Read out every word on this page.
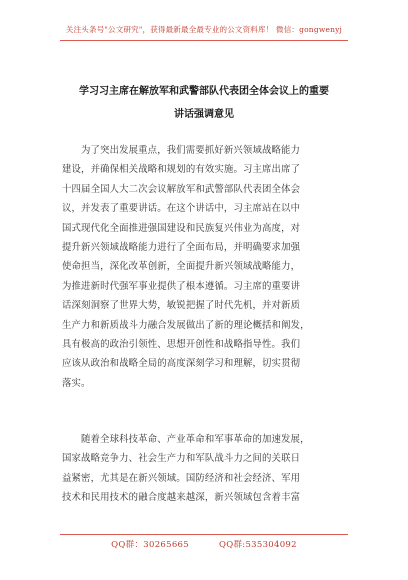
关注头条号"公文研究"，获得最新最全最专业的公文资料库！ 微信：gongwenyj
学习习主席在解放军和武警部队代表团全体会议上的重要
讲话强调意见
为了突出发展重点，我们需要抓好新兴领域战略能力
建设，并确保相关战略和规划的有效实施。习主席出席了
十四届全国人大二次会议解放军和武警部队代表团全体会
议，并发表了重要讲话。在这个讲话中，习主席站在以中
国式现代化全面推进强国建设和民族复兴伟业为高度，对
提升新兴领域战略能力进行了全面布局，并明确要求加强
使命担当，深化改革创新，全面提升新兴领域战略能力，
为推进新时代强军事业提供了根本遵循。习主席的重要讲
话深刻洞察了世界大势，敏锐把握了时代先机，并对新质
生产力和新质战斗力融合发展做出了新的理论概括和阐发，
具有极高的政治引领性、思想开创性和战略指导性。我们
应该从政治和战略全局的高度深刻学习和理解，切实贯彻
落实。
随着全球科技革命、产业革命和军事革命的加速发展，
国家战略竞争力、社会生产力和军队战斗力之间的关联日
益紧密，尤其是在新兴领域。国防经济和社会经济、军用
技术和民用技术的融合度越来越深，新兴领域包含着丰富
QQ群：30265665          QQ群:535304092
